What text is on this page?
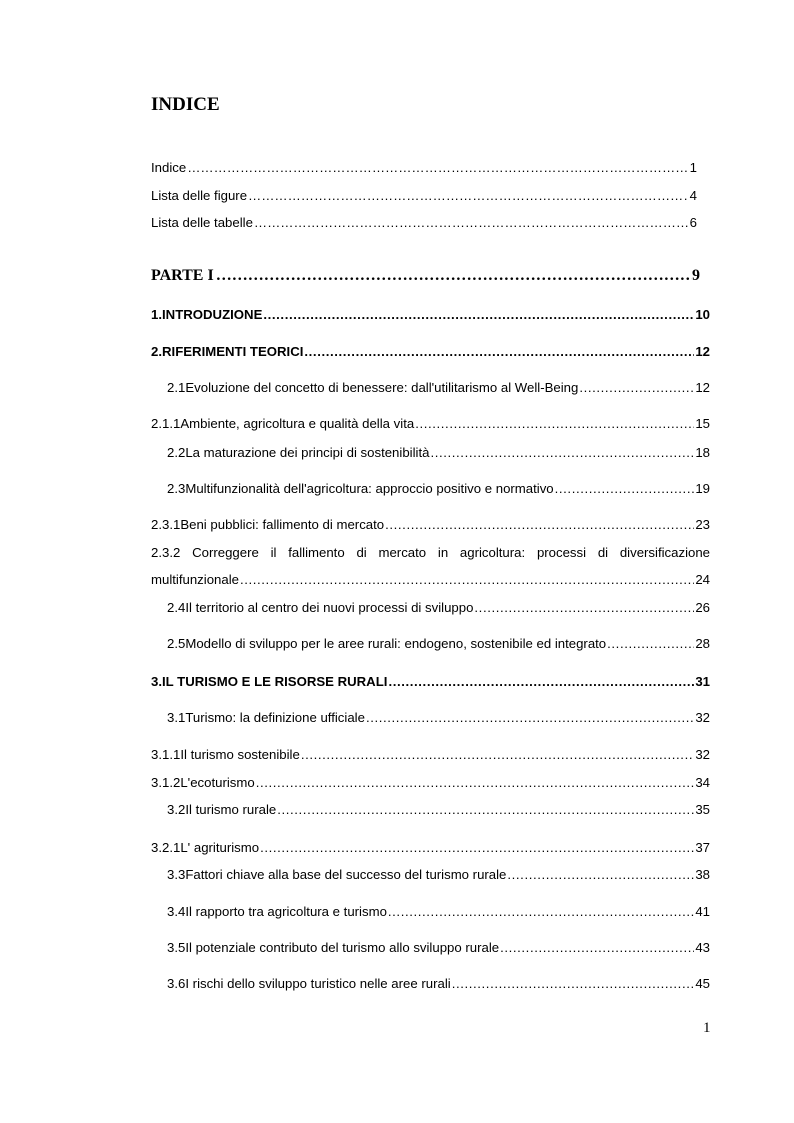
INDICE
Indice ……………………………………………………………………………………………………………………………………………………………………………………………………………………………	1
Lista delle figure ……………………………………………………………………………………………………………………………………………………………………………………………………………………………	4
Lista delle tabelle ……………………………………………………………………………………………………………………………………………………………………………………………………………………………	6
PARTE I ……………………………………………………………………………………………………………………	9
1. INTRODUZIONE .....	10
2. RIFERIMENTI TEORICI .....	12
2.1 Evoluzione del concetto di benessere: dall'utilitarismo al Well-Being .....	12
2.1.1 Ambiente, agricoltura e qualità della vita .....	15
2.2 La maturazione dei principi di sostenibilità .....	18
2.3 Multifunzionalità dell'agricoltura: approccio positivo e normativo .....	19
2.3.1 Beni pubblici: fallimento di mercato .....	23
2.3.2 Correggere il fallimento di mercato in agricoltura: processi di diversificazione
multifunzionale .....	24
2.4 Il territorio al centro dei nuovi processi di sviluppo .....	26
2.5 Modello di sviluppo per le aree rurali: endogeno, sostenibile ed integrato .....	28
3. IL TURISMO E LE RISORSE RURALI .....	31
3.1 Turismo: la definizione ufficiale .....	32
3.1.1 Il turismo sostenibile .....	32
3.1.2 L'ecoturismo .....	34
3.2 Il turismo rurale .....	35
3.2.1 L' agriturismo .....	37
3.3 Fattori chiave alla base del successo del turismo rurale .....	38
3.4 Il rapporto tra agricoltura e turismo .....	41
3.5 Il potenziale contributo del turismo allo sviluppo rurale .....	43
3.6 I rischi dello sviluppo turistico nelle aree rurali .....	45
1
